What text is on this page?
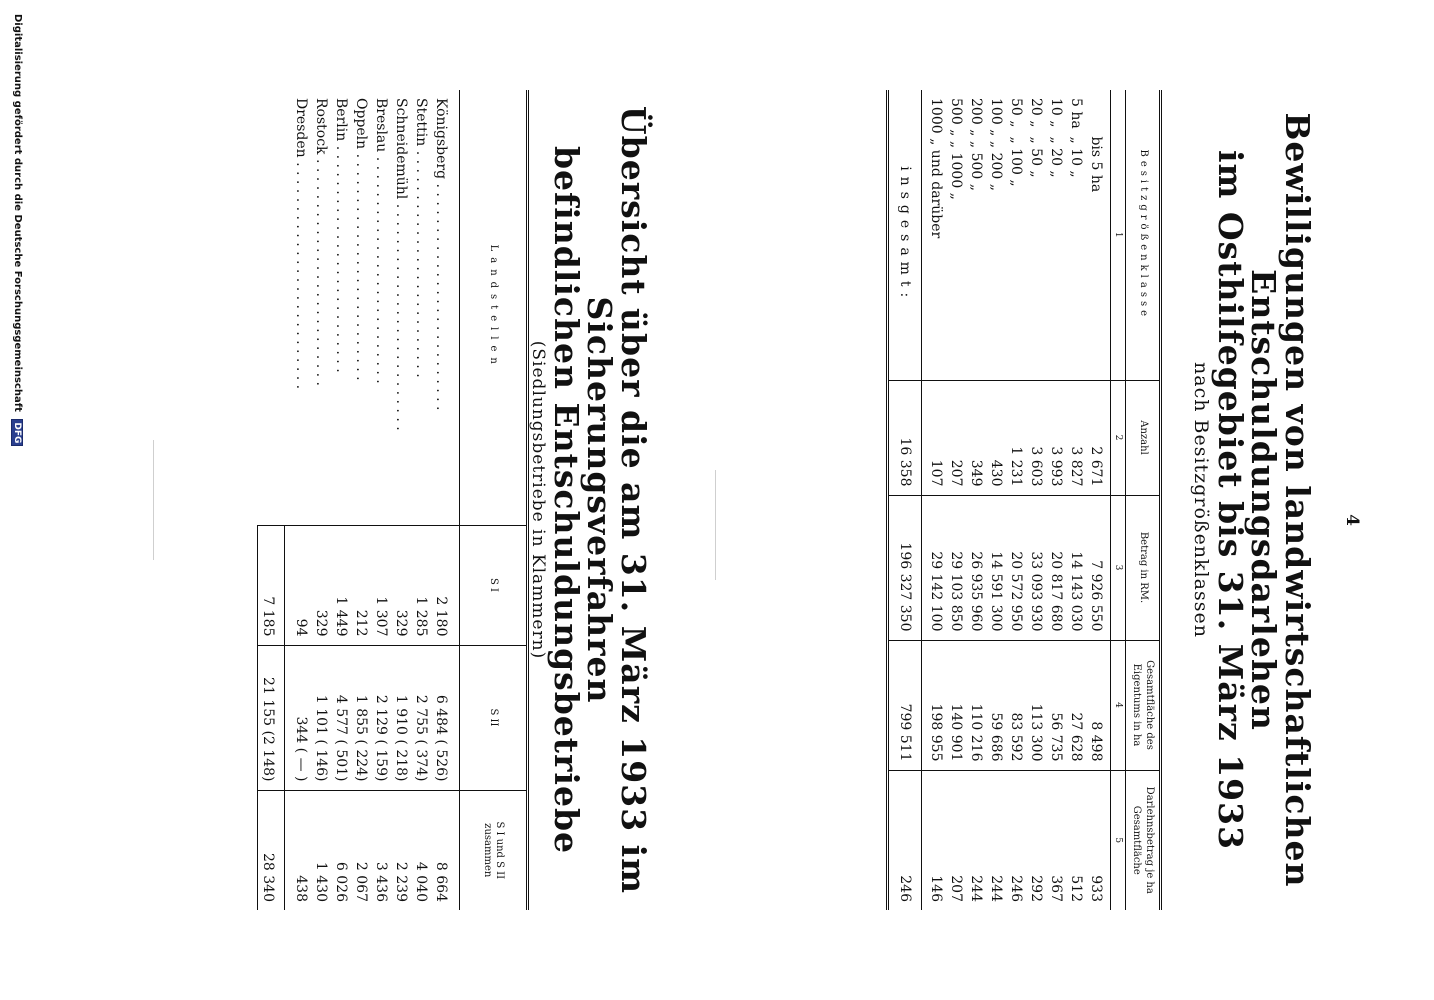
4
Bewilligungen von landwirtschaftlichen Entschuldungsdarlehen
im Osthilfegebiet bis 31. März 1933
nach Besitzgrößenklassen
Besitzgrößenklasse	Anzahl	Betrag in RM.	Gesamtfläche des Eigentums in ha	Darlehnsbetrag je ha Gesamtfläche
1	2	3	4	5
bis 5 ha	2 671	7 926 550	8 498	933
5 ha „ 10 „	3 827	14 143 030	27 628	512
10 „ „ 20 „	3 993	20 817 680	56 735	367
20 „ „ 50 „	3 603	33 093 930	113 300	292
50 „ „ 100 „	1 231	20 572 950	83 592	246
100 „ „ 200 „	430	14 591 300	59 686	244
200 „ „ 500 „	349	26 935 960	110 216	244
500 „ „ 1000 „	207	29 103 850	140 901	207
1000 „ und darüber	107	29 142 100	198 955	146
insgesamt:	16 358	196 327 350	799 511	246
Übersicht über die am 31. März 1933 im Sicherungsverfahren
befindlichen Entschuldungsbetriebe
(Siedlungsbetriebe in Klammern)
Landstellen	S I	S II	S I und S II zusammen
Königsberg . . . . . . . . . . . . . . . . . . . . . . . . . .	2 180	6 484 ( 526)	8 664
Stettin . . . . . . . . . . . . . . . . . . . . . . . . . .	1 285	2 755 ( 374)	4 040
Schneidemühl . . . . . . . . . . . . . . . . . . . . . . . . . .	329	1 910 ( 218)	2 239
Breslau . . . . . . . . . . . . . . . . . . . . . . . . . .	1 307	2 129 ( 159)	3 436
Oppeln . . . . . . . . . . . . . . . . . . . . . . . . . .	212	1 855 ( 224)	2 067
Berlin . . . . . . . . . . . . . . . . . . . . . . . . . .	1 449	4 577 ( 501)	6 026
Rostock . . . . . . . . . . . . . . . . . . . . . . . . . .	329	1 101 ( 146)	1 430
Dresden . . . . . . . . . . . . . . . . . . . . . . . . . .	94	344 ( — )	438
	7 185	21 155 (2 148)	28 340
Digitalisierung gefördert durch die Deutsche Forschungsgemeinschaft DFG
